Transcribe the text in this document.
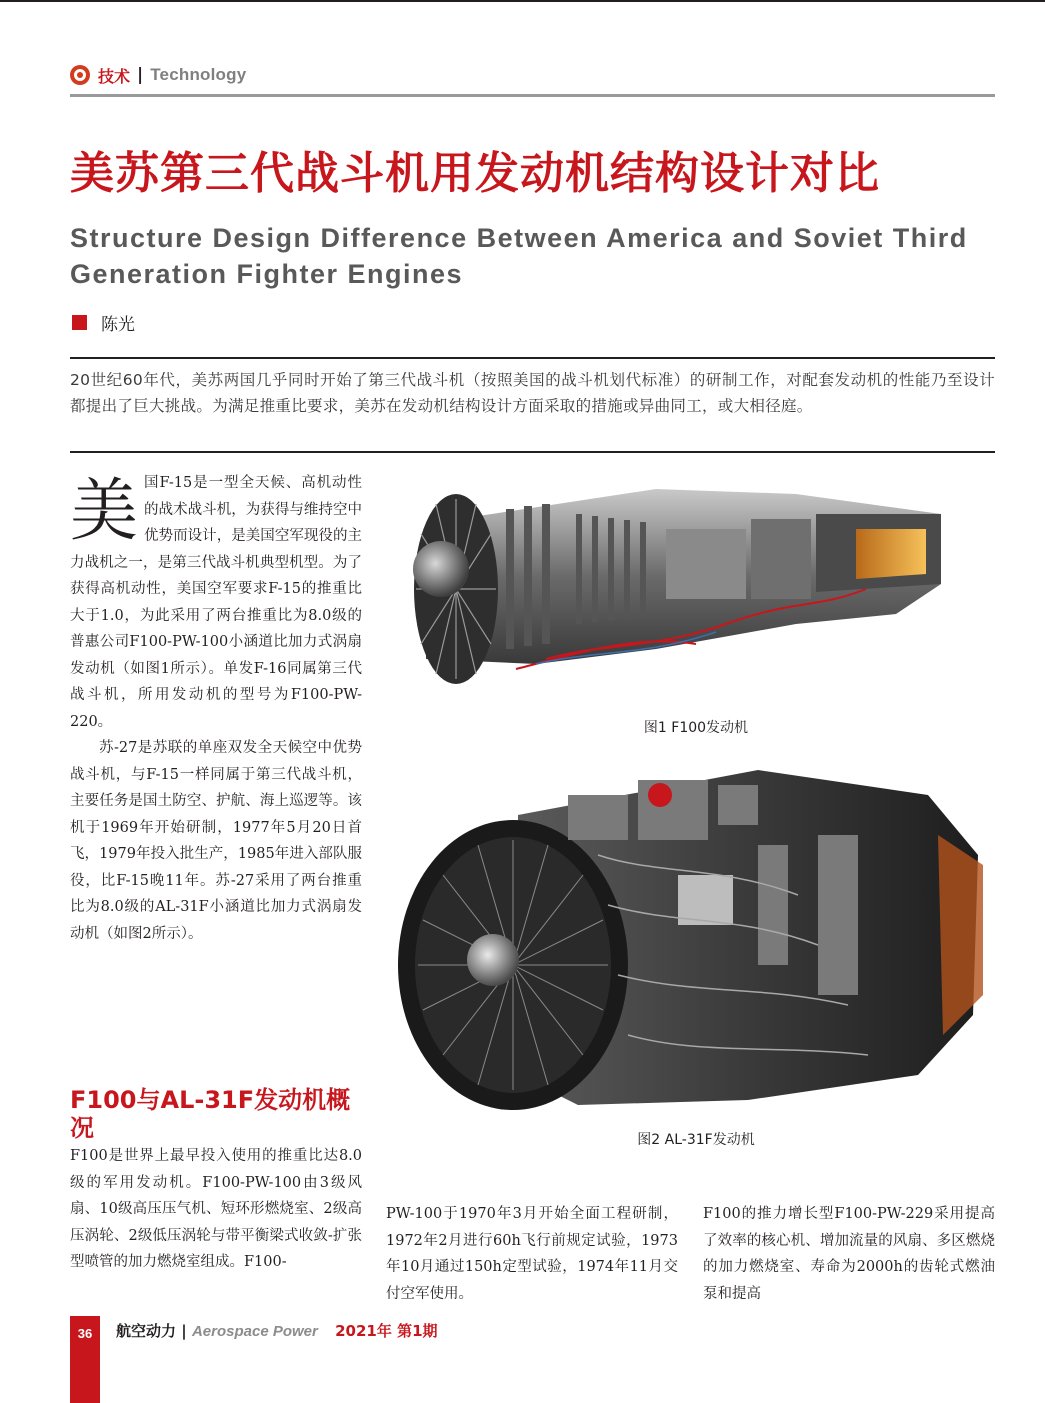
技术 | Technology
美苏第三代战斗机用发动机结构设计对比
Structure Design Difference Between America and Soviet Third Generation Fighter Engines
陈光
20世纪60年代，美苏两国几乎同时开始了第三代战斗机（按照美国的战斗机划代标准）的研制工作，对配套发动机的性能乃至设计都提出了巨大挑战。为满足推重比要求，美苏在发动机结构设计方面采取的措施或异曲同工，或大相径庭。

美国F-15是一型全天候、高机动性的战术战斗机，为获得与维持空中优势而设计，是美国空军现役的主力战机之一，是第三代战斗机典型机型。为了获得高机动性，美国空军要求F-15的推重比大于1.0，为此采用了两台推重比为8.0级的普惠公司F100-PW-100小涵道比加力式涡扇发动机（如图1所示）。单发F-16同属第三代战斗机，所用发动机的型号为F100-PW-220。

苏-27是苏联的单座双发全天候空中优势战斗机，与F-15一样同属于第三代战斗机，主要任务是国土防空、护航、海上巡逻等。该机于1969年开始研制，1977年5月20日首飞，1979年投入批生产，1985年进入部队服役，比F-15晚11年。苏-27采用了两台推重比为8.0级的AL-31F小涵道比加力式涡扇发动机（如图2所示）。

F100与AL-31F发动机概况
F100是世界上最早投入使用的推重比达8.0级的军用发动机。F100-PW-100由3级风扇、10级高压压气机、短环形燃烧室、2级高压涡轮、2级低压涡轮与带平衡梁式收敛-扩张型喷管的加力燃烧室组成。F100-
PW-100于1970年3月开始全面工程研制，1972年2月进行60h飞行前规定试验，1973年10月通过150h定型试验，1974年11月交付空军使用。
F100的推力增长型F100-PW-229采用提高了效率的核心机、增加流量的风扇、多区燃烧的加力燃烧室、寿命为2000h的齿轮式燃油泵和提高
图1 F100发动机
图2 AL-31F发动机
36	航空动力 | Aerospace Power 2021年 第1期
